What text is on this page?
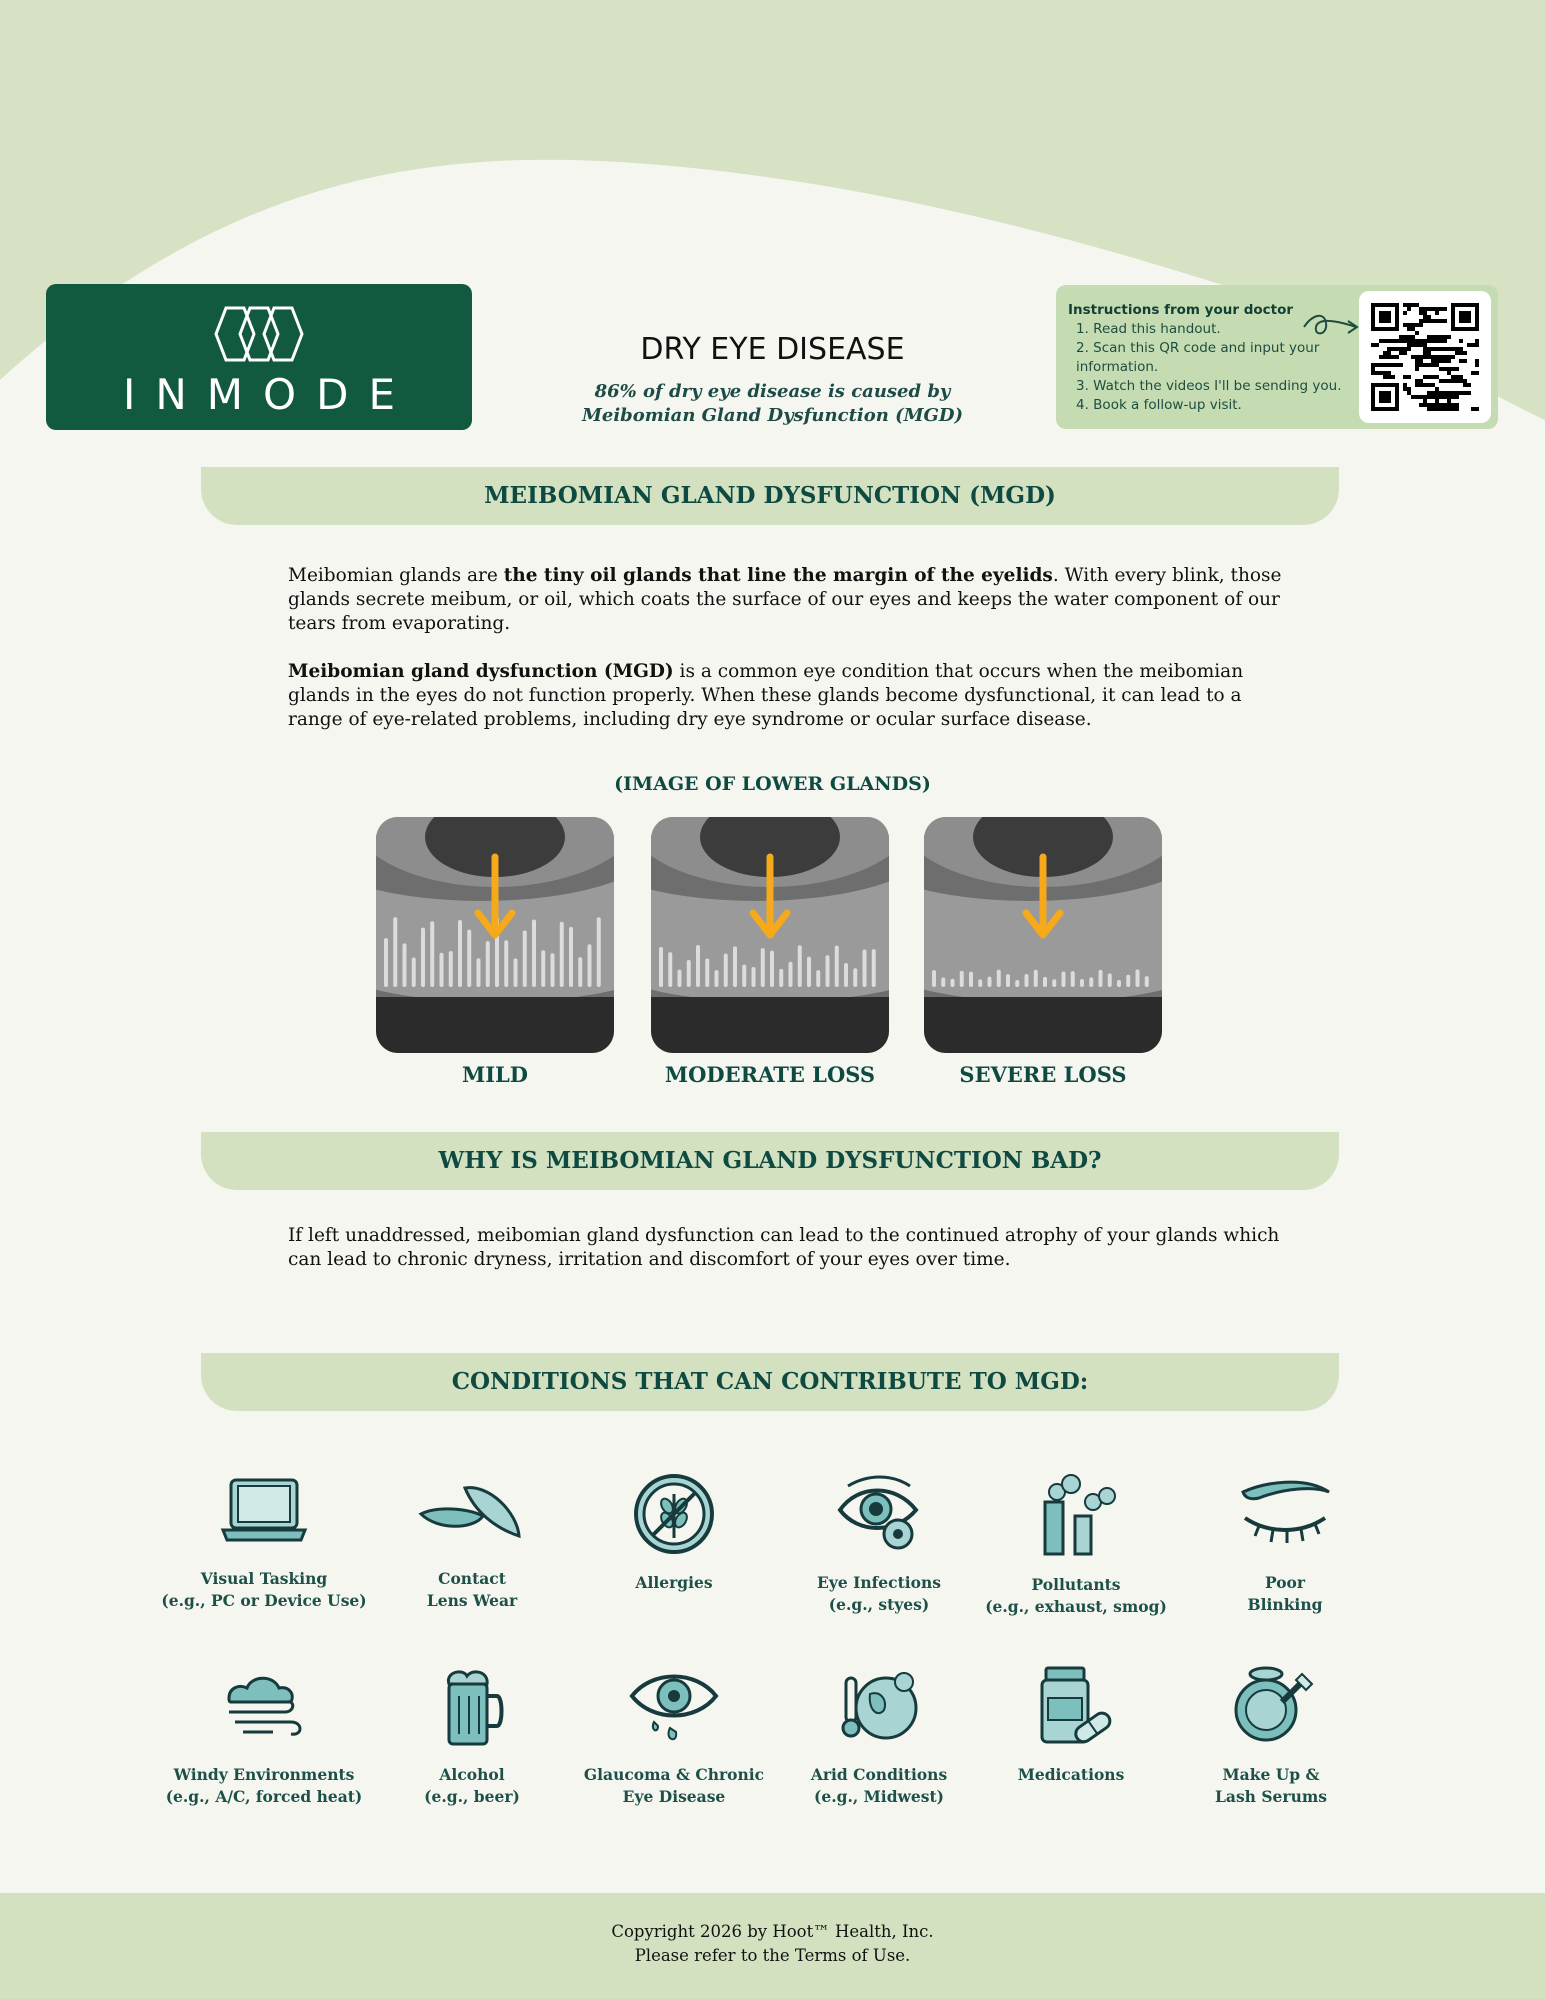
INMODE
DRY EYE DISEASE
86% of dry eye disease is caused by
Meibomian Gland Dysfunction (MGD)
Instructions from your doctor
1. Read this handout.
2. Scan this QR code and input your information.
3. Watch the videos I'll be sending you.
4. Book a follow-up visit.
MEIBOMIAN GLAND DYSFUNCTION (MGD)
Meibomian glands are the tiny oil glands that line the margin of the eyelids. With every blink, those glands secrete meibum, or oil, which coats the surface of our eyes and keeps the water component of our tears from evaporating.
Meibomian gland dysfunction (MGD) is a common eye condition that occurs when the meibomian glands in the eyes do not function properly. When these glands become dysfunctional, it can lead to a range of eye-related problems, including dry eye syndrome or ocular surface disease.
(IMAGE OF LOWER GLANDS)
MILD	MODERATE LOSS	SEVERE LOSS
WHY IS MEIBOMIAN GLAND DYSFUNCTION BAD?
If left unaddressed, meibomian gland dysfunction can lead to the continued atrophy of your glands which can lead to chronic dryness, irritation and discomfort of your eyes over time.
CONDITIONS THAT CAN CONTRIBUTE TO MGD:
Visual Tasking
(e.g., PC or Device Use)
Contact
Lens Wear
Allergies	Eye Infections
(e.g., styes)
Pollutants
(e.g., exhaust, smog)
Poor
Blinking
Windy Environments
(e.g., A/C, forced heat)
Alcohol
(e.g., beer)
Glaucoma & Chronic
Eye Disease
Arid Conditions
(e.g., Midwest)
Medications	Make Up &
Lash Serums
Copyright 2026 by Hoot™ Health, Inc.
Please refer to the Terms of Use.
